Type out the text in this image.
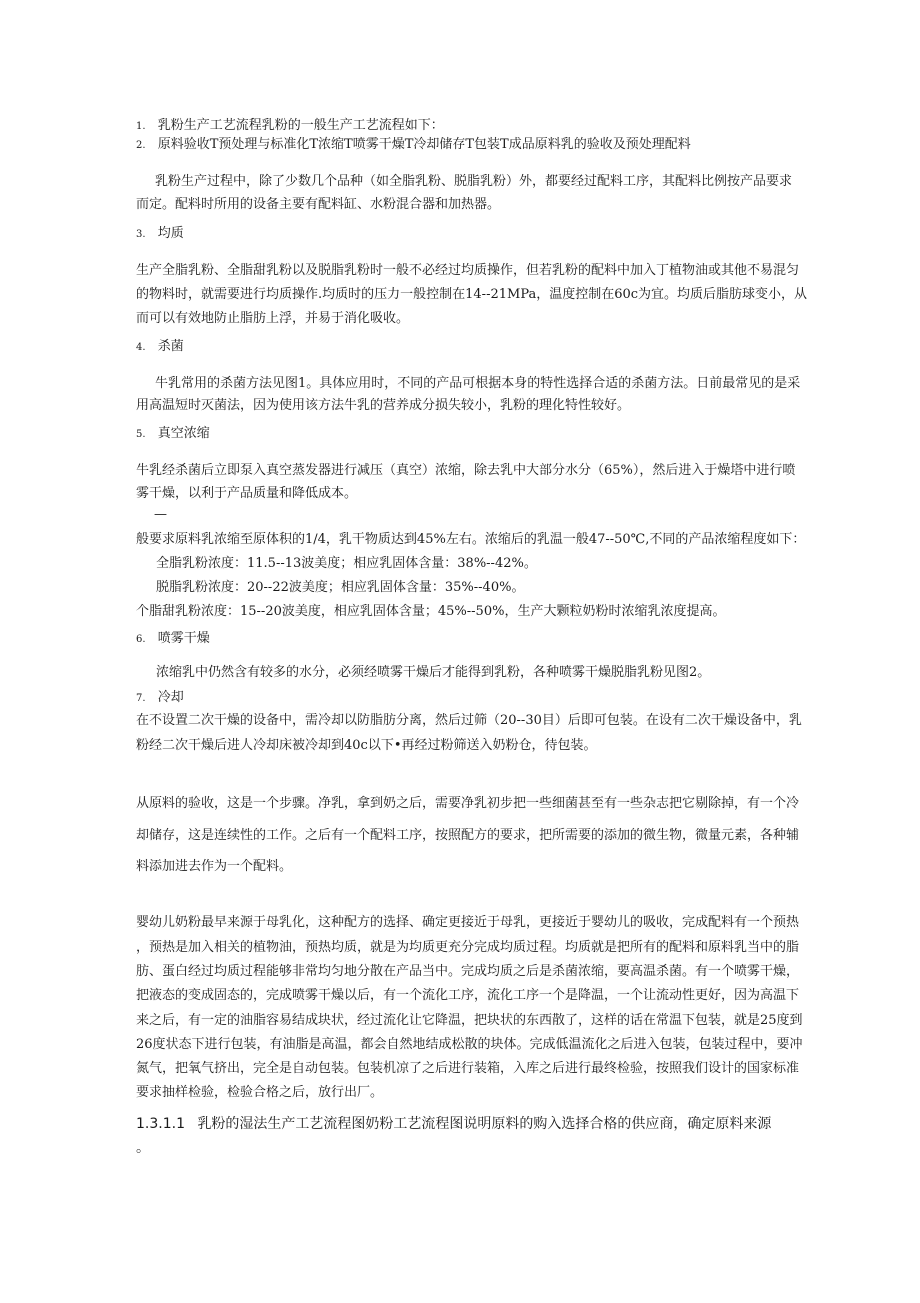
1. 乳粉生产工艺流程乳粉的一般生产工艺流程如下：
2. 原料验收T预处理与标准化T浓缩T喷雾干燥T冷却储存T包装T成品原料乳的验收及预处理配料
乳粉生产过程中，除了少数几个品种（如全脂乳粉、脱脂乳粉）外，都要经过配料工序，其配料比例按产品要求
而定。配料时所用的设备主要有配料缸、水粉混合器和加热器。
3. 均质
生产全脂乳粉、全脂甜乳粉以及脱脂乳粉时一般不必经过均质操作，但若乳粉的配料中加入丁植物油或其他不易混匀
的物料时，就需要进行均质操作.均质时的压力一般控制在14--21MPa，温度控制在60c为宜。均质后脂肪球变小，从
而可以有效地防止脂肪上浮，并易于消化吸收。
4. 杀菌
牛乳常用的杀菌方法见图1。具体应用时，不同的产品可根据本身的特性选择合适的杀菌方法。日前最常见的是采
用高温短时灭菌法，因为使用该方法牛乳的营养成分损失较小，乳粉的理化特性较好。
5. 真空浓缩
牛乳经杀菌后立即泵入真空蒸发器进行减压（真空）浓缩，除去乳中大部分水分（65%），然后进入于燥塔中进行喷
雾干燥，以利于产品质量和降低成本。
—
般要求原料乳浓缩至原体积的1/4，乳干物质达到45%左右。浓缩后的乳温一般47--50℃,不同的产品浓缩程度如下：
全脂乳粉浓度：11.5--13波美度；相应乳固体含量：38%--42%。
脱脂乳粉浓度：20--22波美度；相应乳固体含量：35%--40%。
个脂甜乳粉浓度：15--20波美度，相应乳固体含量；45%--50%，生产大颗粒奶粉时浓缩乳浓度提高。
6. 喷雾干燥
浓缩乳中仍然含有较多的水分，必须经喷雾干燥后才能得到乳粉，各种喷雾干燥脱脂乳粉见图2。
7. 冷却
在不设置二次干燥的设备中，需冷却以防脂肪分离，然后过筛（20--30目）后即可包装。在设有二次干燥设备中，乳
粉经二次干燥后进人冷却床被冷却到40c以下•再经过粉筛送入奶粉仓，待包装。
从原料的验收，这是一个步骤。净乳，拿到奶之后，需要净乳初步把一些细菌甚至有一些杂志把它剔除掉，有一个冷
却储存，这是连续性的工作。之后有一个配料工序，按照配方的要求，把所需要的添加的微生物，微量元素，各种辅
料添加进去作为一个配料。
婴幼儿奶粉最早来源于母乳化，这种配方的选择、确定更接近于母乳，更接近于婴幼儿的吸收，完成配料有一个预热
，预热是加入相关的植物油，预热均质，就是为均质更充分完成均质过程。均质就是把所有的配料和原料乳当中的脂
肪、蛋白经过均质过程能够非常均匀地分散在产品当中。完成均质之后是杀菌浓缩，要高温杀菌。有一个喷雾干燥，
把液态的变成固态的，完成喷雾干燥以后，有一个流化工序，流化工序一个是降温，一个让流动性更好，因为高温下
来之后，有一定的油脂容易结成块状，经过流化让它降温，把块状的东西散了，这样的话在常温下包装，就是25度到
26度状态下进行包装，有油脂是高温，都会自然地结成松散的块体。完成低温流化之后进入包装，包装过程中，要冲
氮气，把氧气挤出，完全是自动包装。包装机凉了之后进行装箱，入库之后进行最终检验，按照我们设计的国家标准
要求抽样检验，检验合格之后，放行出厂。
1.3.1.1 乳粉的湿法生产工艺流程图奶粉工艺流程图说明原料的购入选择合格的供应商，确定原料来源
。
